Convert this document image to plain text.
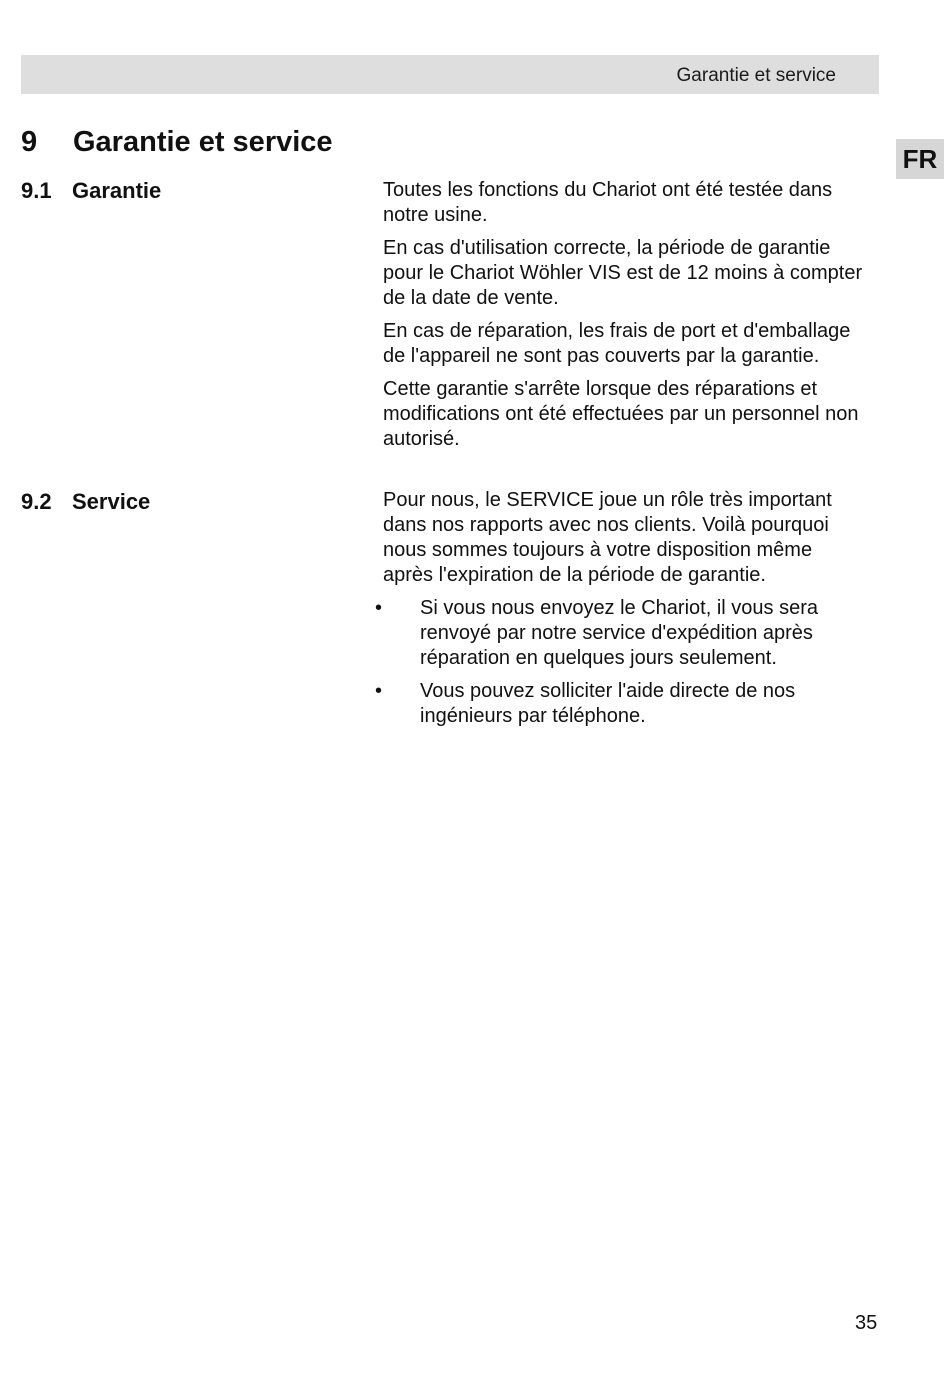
Garantie et service
FR
9 Garantie et service
9.1 Garantie	Toutes les fonctions du Chariot ont été testée dans notre usine.

En cas d'utilisation correcte, la période de garantie pour le Chariot Wöhler VIS est de 12 moins à compter de la date de vente.

En cas de réparation, les frais de port et d'emballage de l'appareil ne sont pas couverts par la garantie.

Cette garantie s'arrête lorsque des réparations et modifications ont été effectuées par un personnel non autorisé.

9.2 Service	Pour nous, le SERVICE joue un rôle très important dans nos rapports avec nos clients. Voilà pourquoi nous sommes toujours à votre disposition même après l'expiration de la période de garantie.

• Si vous nous envoyez le Chariot, il vous sera renvoyé par notre service d'expédition après réparation en quelques jours seulement.
• Vous pouvez solliciter l'aide directe de nos ingénieurs par téléphone.
35
